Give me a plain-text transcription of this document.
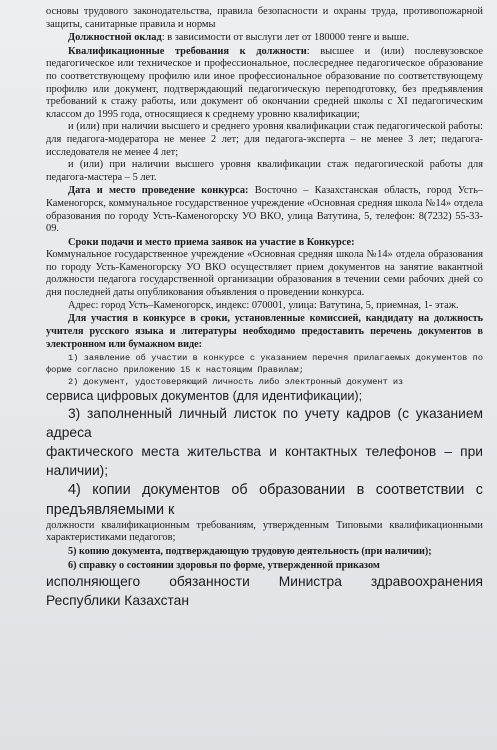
основы трудового законодательства, правила безопасности и охраны труда, противопожарной защиты, санитарные правила и нормы

Должностной оклад: в зависимости от выслуги лет от 180000 тенге и выше.

Квалификационные требования к должности: высшее и (или) послевузовское педагогическое или техническое и профессиональное, послесреднее педагогическое образование по соответствующему профилю или иное профессиональное образование по соответствующему профилю или документ, подтверждающий педагогическую переподготовку, без предъявления требований к стажу работы, или документ об окончании средней школы с XI педагогическим классом до 1995 года, относящиеся к среднему уровню квалификации;

и (или) при наличии высшего и среднего уровня квалификации стаж педагогической работы: для педагога-модератора не менее 2 лет; для педагога-эксперта – не менее 3 лет; педагога-исследователя не менее 4 лет;

и (или) при наличии высшего уровня квалификации стаж педагогической работы для педагога-мастера – 5 лет.

Дата и место проведение конкурса: Восточно – Казахстанская область, город Усть–Каменогорск, коммунальное государственное учреждение «Основная средняя школа №14» отдела образования по городу Усть-Каменогорску УО ВКО, улица Ватутина, 5, телефон: 8(7232) 55-33-09.

Сроки подачи и место приема заявок на участие в Конкурсе:

Коммунальное государственное учреждение «Основная средняя школа №14» отдела образования по городу Усть-Каменогорску УО ВКО осуществляет прием документов на занятие вакантной должности педагога государственной организации образования в течении семи рабочих дней со дня последней даты опубликования объявления о проведении конкурса.

Адрес: город Усть–Каменогорск, индекс: 070001, улица: Ватутина, 5, приемная, 1- этаж.

Для участия в конкурсе в сроки, установленные комиссией, кандидату на должность учителя русского языка и литературы необходимо предоставить перечень документов в электронном или бумажном виде:

1) заявление об участии в конкурсе с указанием перечня прилагаемых документов по форме согласно приложению 15 к настоящим Правилам;

2) документ, удостоверяющий личность либо электронный документ из

сервиса цифровых документов (для идентификации);

3) заполненный личный листок по учету кадров (с указанием адреса

фактического места жительства и контактных телефонов – при наличии);

4) копии документов об образовании в соответствии с предъявляемыми к

должности квалификационным требованиям, утвержденным Типовыми квалификационными характеристиками педагогов;

5) копию документа, подтверждающую трудовую деятельность (при наличии);

6) справку о состоянии здоровья по форме, утвержденной приказом

исполняющего обязанности Министра здравоохранения Республики Казахстан
